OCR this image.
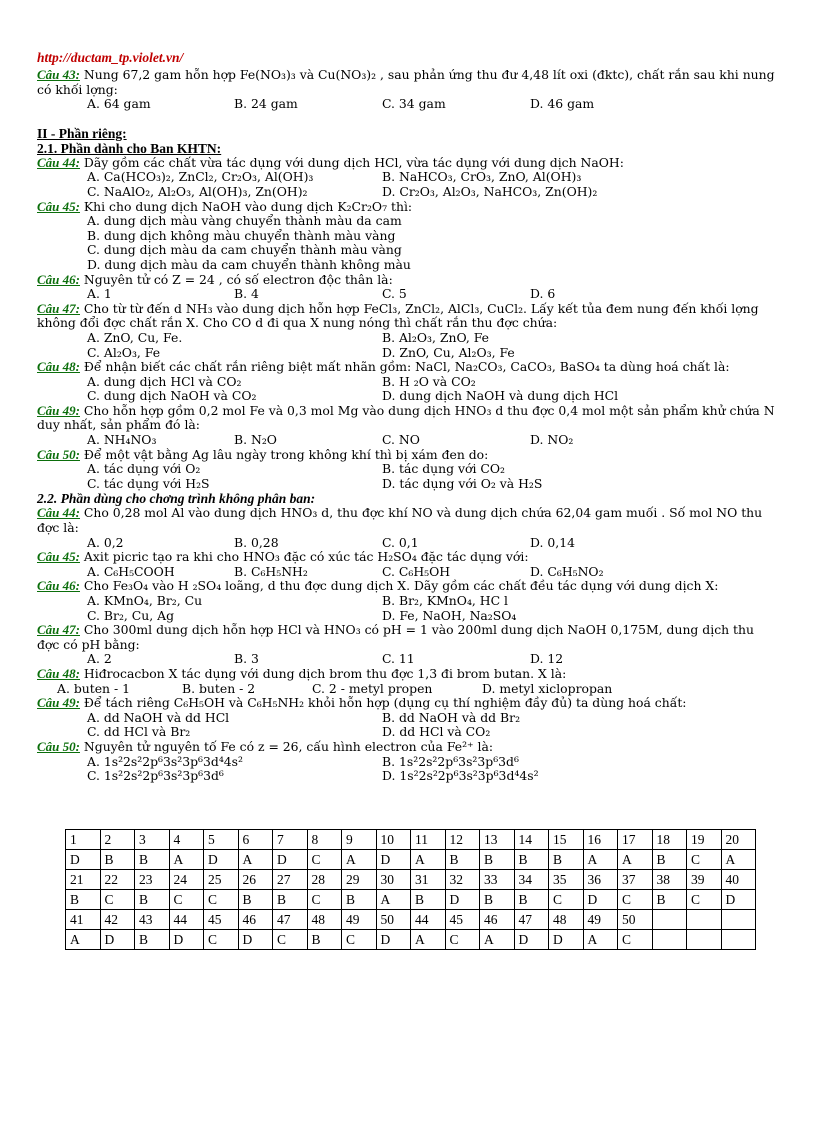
http://ductam_tp.violet.vn/
Câu 43: Nung 67,2 gam hỗn hợp Fe(NO₃)₃ và Cu(NO₃)₂ , sau phản ứng thu đư 4,48 lít oxi (đktc), chất rắn sau khi nung có khối lợng:
A. 64 gam	B. 24 gam	C. 34 gam	D. 46 gam
II - Phần riêng:
2.1. Phần dành cho Ban KHTN:
Câu 44: Dãy gồm các chất vừa tác dụng với dung dịch HCl, vừa tác dụng với dung dịch NaOH:
A. Ca(HCO₃)₂, ZnCl₂, Cr₂O₃, Al(OH)₃	B. NaHCO₃, CrO₃, ZnO, Al(OH)₃
C. NaAlO₂, Al₂O₃, Al(OH)₃, Zn(OH)₂	D. Cr₂O₃, Al₂O₃, NaHCO₃, Zn(OH)₂
Câu 45: Khi cho dung dịch NaOH vào dung dịch K₂Cr₂O₇ thì:
A. dung dịch màu vàng chuyển thành màu da cam
B. dung dịch không màu chuyển thành màu vàng
C. dung dịch màu da cam chuyển thành màu vàng
D. dung dịch màu da cam chuyển thành không màu
Câu 46: Nguyên tử có Z = 24 , có số electron độc thân là:
A. 1	B. 4	C. 5	D. 6
Câu 47: Cho từ từ đến d NH₃ vào dung dịch hỗn hợp FeCl₃, ZnCl₂, AlCl₃, CuCl₂. Lấy kết tủa đem nung đến khối lợng không đổi đợc chất rắn X. Cho CO d đi qua X nung nóng thì chất rắn thu đợc chứa:
A. ZnO, Cu, Fe.	B. Al₂O₃, ZnO, Fe
C. Al₂O₃, Fe	D. ZnO, Cu, Al₂O₃, Fe
Câu 48: Để nhận biết các chất rắn riêng biệt mất nhãn gồm: NaCl, Na₂CO₃, CaCO₃, BaSO₄ ta dùng hoá chất là:
A. dung dịch HCl và CO₂	B. H ₂O và CO₂
C. dung dịch NaOH và CO₂	D. dung dịch NaOH và dung dịch HCl
Câu 49: Cho hỗn hợp gồm 0,2 mol Fe và 0,3 mol Mg vào dung dịch HNO₃ d thu đợc 0,4 mol một sản phẩm khử chứa N duy nhất, sản phẩm đó là:
A. NH₄NO₃	B. N₂O	C. NO	D. NO₂
Câu 50: Để một vật bằng Ag lâu ngày trong không khí thì bị xám đen do:
A. tác dụng với O₂	B. tác dụng với CO₂
C. tác dụng với H₂S	D. tác dụng với O₂ và H₂S
2.2. Phần dùng cho chơng trình không phân ban:
Câu 44: Cho 0,28 mol Al vào dung dịch HNO₃ d, thu đợc khí NO và dung dịch chứa 62,04 gam muối . Số mol NO thu đợc là:
A. 0,2	B. 0,28	C. 0,1	D. 0,14
Câu 45: Axit picric tạo ra khi cho HNO₃ đặc có xúc tác H₂SO₄ đặc tác dụng với:
A. C₆H₅COOH	B. C₆H₅NH₂	C. C₆H₅OH	D. C₆H₅NO₂
Câu 46: Cho Fe₃O₄ vào H ₂SO₄ loãng, d thu đợc dung dịch X. Dãy gồm các chất đều tác dụng với dung dịch X:
A. KMnO₄, Br₂, Cu	B. Br₂, KMnO₄, HC l
C. Br₂, Cu, Ag	D. Fe, NaOH, Na₂SO₄
Câu 47: Cho 300ml dung dịch hỗn hợp HCl và HNO₃ có pH = 1 vào 200ml dung dịch NaOH 0,175M, dung dịch thu đợc có pH bằng:
A. 2	B. 3	C. 11	D. 12
Câu 48: Hiđrocacbon X tác dụng với dung dịch brom thu đợc 1,3 đi brom butan. X là:
A. buten - 1	B. buten - 2	C. 2 - metyl propen	D. metyl xiclopropan
Câu 49: Để tách riêng C₆H₅OH và C₆H₅NH₂ khỏi hỗn hợp (dụng cụ thí nghiệm đầy đủ) ta dùng hoá chất:
A. dd NaOH và dd HCl	B. dd NaOH và dd Br₂
C. dd HCl và Br₂	D. dd HCl và CO₂
Câu 50: Nguyên tử nguyên tố Fe có z = 26, cấu hình electron của Fe²⁺ là:
A. 1s²2s²2p⁶3s²3p⁶3d⁴4s²	B. 1s²2s²2p⁶3s²3p⁶3d⁶
C. 1s²2s²2p⁶3s²3p⁶3d⁶	D. 1s²2s²2p⁶3s²3p⁶3d⁴4s²
1	2	3	4	5	6	7	8	9	10	11	12	13	14	15	16	17	18	19	20
D	B	B	A	D	A	D	C	A	D	A	B	B	B	B	A	A	B	C	A
21	22	23	24	25	26	27	28	29	30	31	32	33	34	35	36	37	38	39	40
B	C	B	C	C	B	B	C	B	A	B	D	B	B	C	D	C	B	C	D
41	42	43	44	45	46	47	48	49	50	44	45	46	47	48	49	50			
A	D	B	D	C	D	C	B	C	D	A	C	A	D	D	A	C			
